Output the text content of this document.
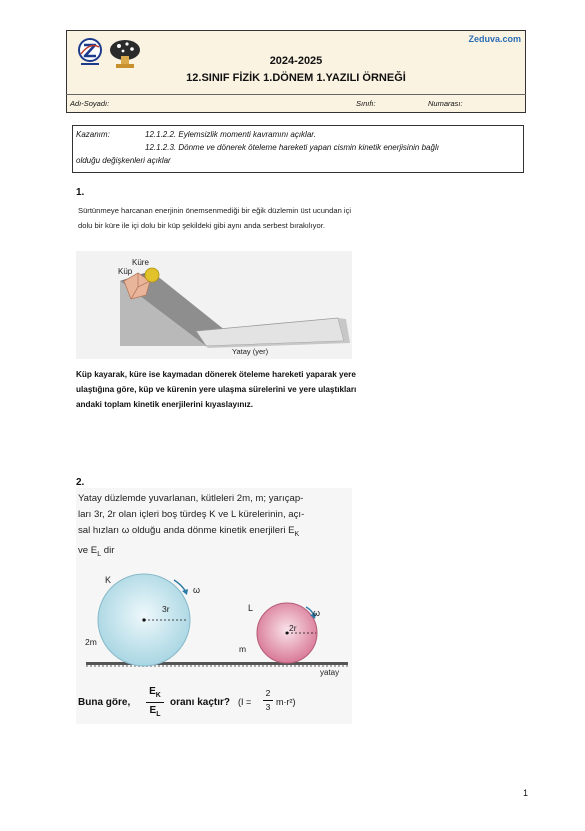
Zeduva.com
2024-2025
12.SINIF FİZİK 1.DÖNEM 1.YAZILI ÖRNEĞİ
Adı-Soyadı:	Sınıfı:	Numarası:
Kazanım:	12.1.2.2. Eylemsizlik momenti kavramını açıklar.
12.1.2.3. Dönme ve dönerek öteleme hareketi yapan cismin kinetik enerjisinin bağlı
olduğu değişkenleri açıklar
1.
Sürtünmeye harcanan enerjinin önemsenmediği bir eğik düzlemin üst ucundan içi dolu bir küre ile içi dolu bir küp şekildeki gibi aynı anda serbest bırakılıyor.
Küre
Küp
Yatay (yer)
Küp kayarak, küre ise kaymadan dönerek öteleme hareketi yaparak yere ulaştığına göre, küp ve kürenin yere ulaşma sürelerini ve yere ulaştıkları andaki toplam kinetik enerjilerini kıyaslayınız.
2.
Yatay düzlemde yuvarlanan, kütleleri 2m, m; yarıçap-
ları 3r, 2r olan içleri boş türdeş K ve L kürelerinin, açı-
sal hızları ω olduğu anda dönme kinetik enerjileri $E_K$
ve $E_L$ dir
K
ω
3r
2m
L	ω
2r
m
yatay
Buna göre,
$E_K$
$E_L$
oranı kaçtır? (I =
2
3 m·r²)
1
